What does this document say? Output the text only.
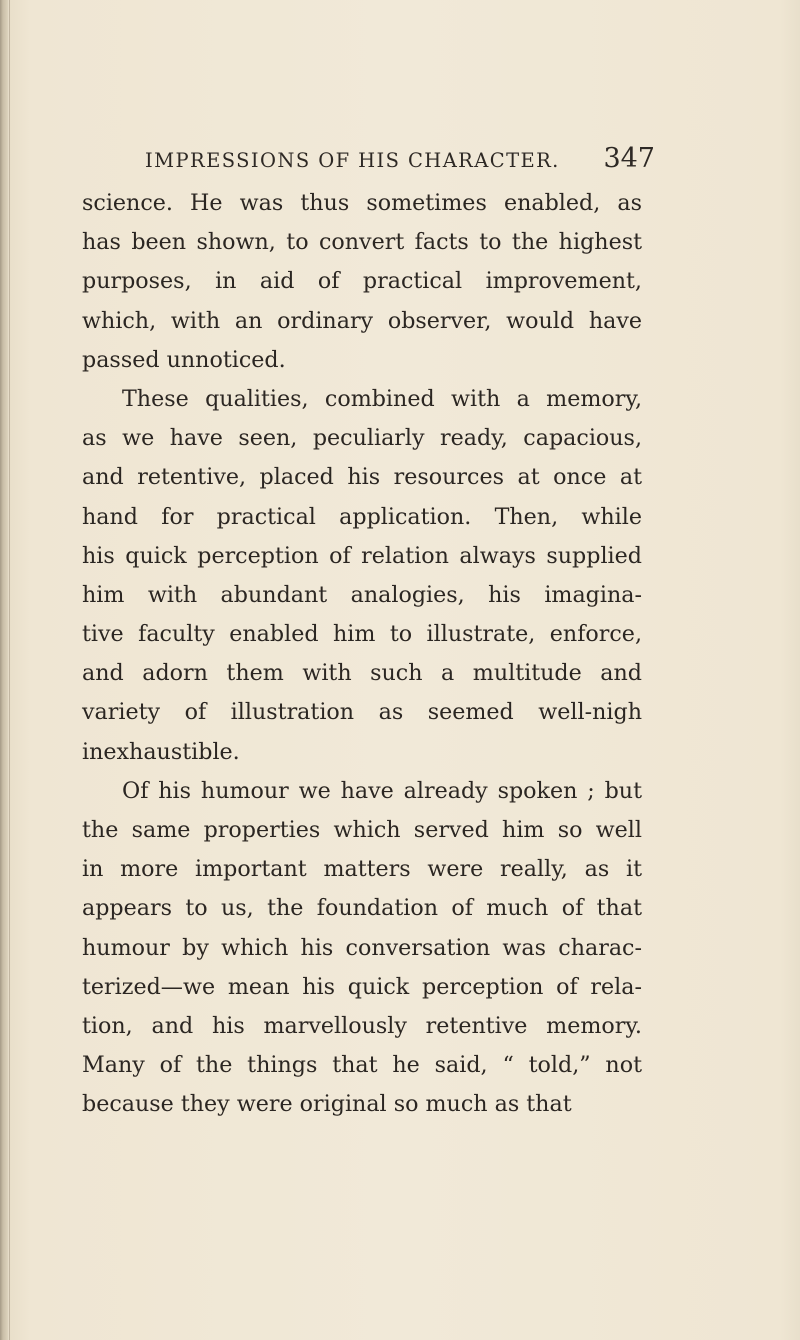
IMPRESSIONS OF HIS CHARACTER. 347
science. He was thus sometimes enabled, as
has been shown, to convert facts to the highest
purposes, in aid of practical improvement,
which, with an ordinary observer, would have
passed unnoticed.
These qualities, combined with a memory,
as we have seen, peculiarly ready, capacious,
and retentive, placed his resources at once at
hand for practical application. Then, while
his quick perception of relation always supplied
him with abundant analogies, his imagina-
tive faculty enabled him to illustrate, enforce,
and adorn them with such a multitude and
variety of illustration as seemed well-nigh
inexhaustible.
Of his humour we have already spoken ; but
the same properties which served him so well
in more important matters were really, as it
appears to us, the foundation of much of that
humour by which his conversation was charac-
terized—we mean his quick perception of rela-
tion, and his marvellously retentive memory.
Many of the things that he said, “ told,” not
because they were original so much as that
